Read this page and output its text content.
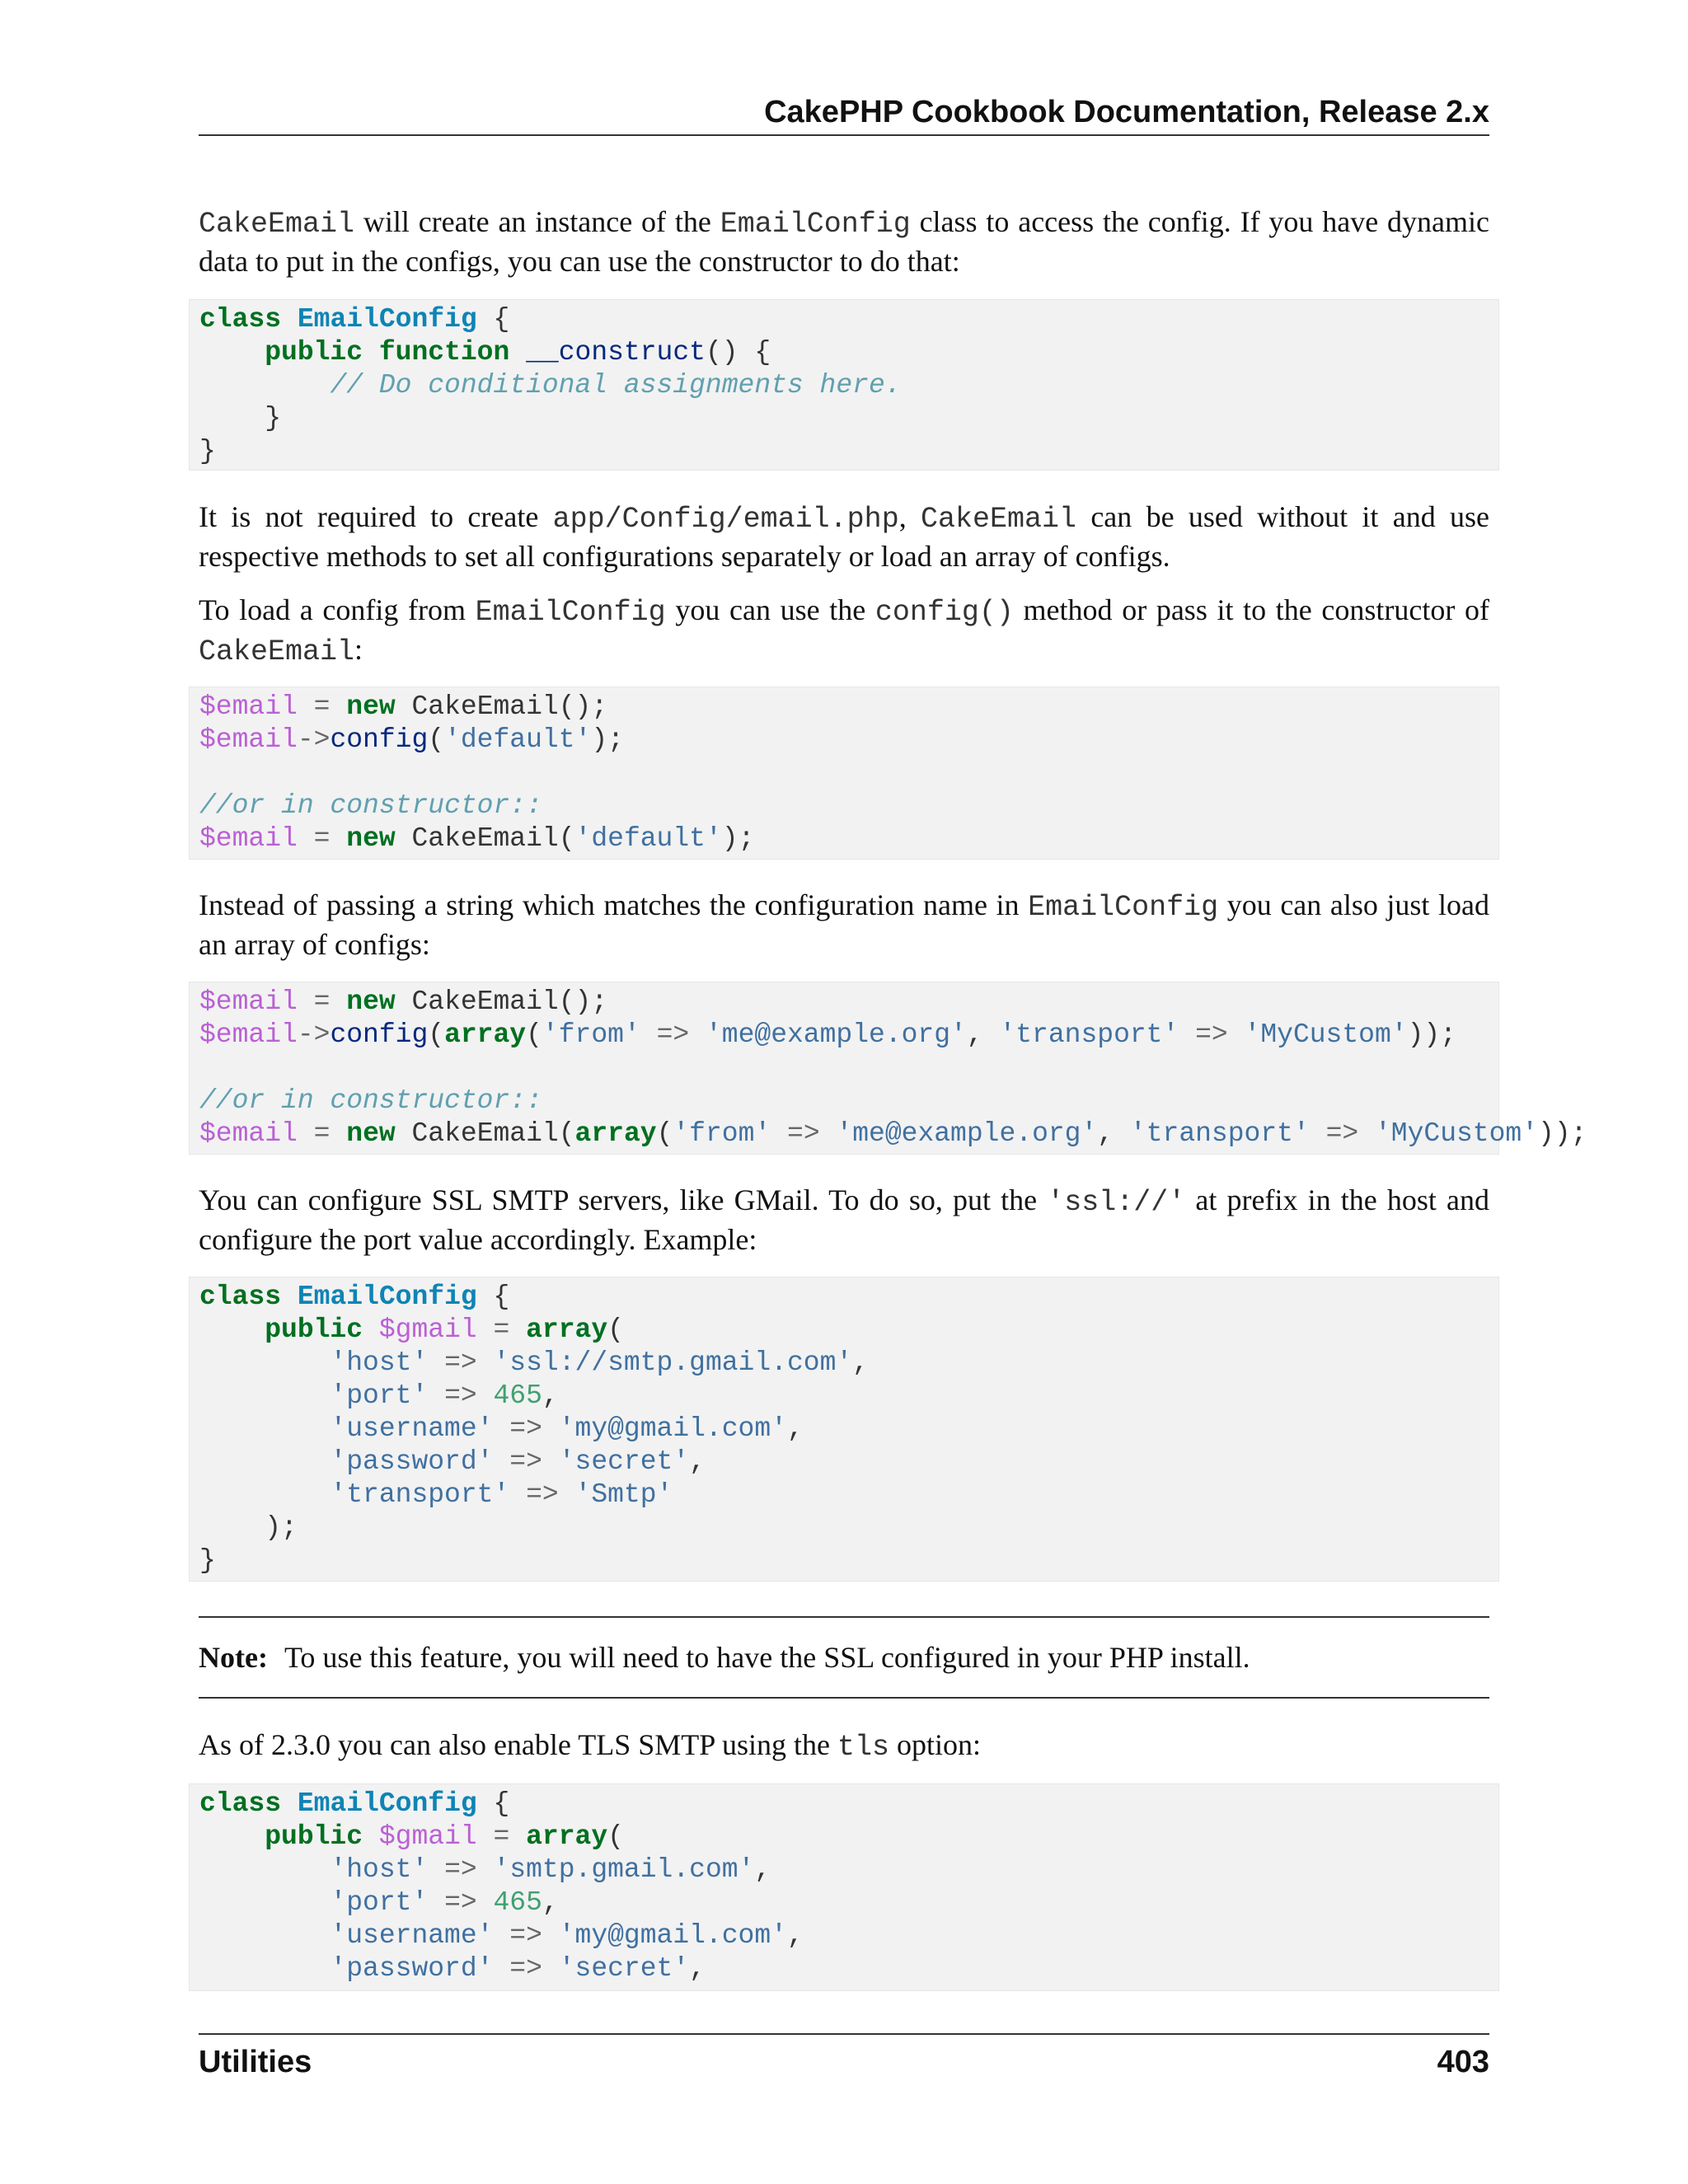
CakePHP Cookbook Documentation, Release 2.x
CakeEmail will create an instance of the EmailConfig class to access the config. If you have dynamic data to put in the configs, you can use the constructor to do that:
class EmailConfig {
public function __construct() {
// Do conditional assignments here.
}
}
It is not required to create app/Config/email.php, CakeEmail can be used without it and use respective methods to set all configurations separately or load an array of configs.
To load a config from EmailConfig you can use the config() method or pass it to the constructor of CakeEmail:
$email = new CakeEmail();
$email->config('default');

//or in constructor::
$email = new CakeEmail('default');
Instead of passing a string which matches the configuration name in EmailConfig you can also just load an array of configs:
$email = new CakeEmail();
$email->config(array('from' => 'me@example.org', 'transport' => 'MyCustom'));

//or in constructor::
$email = new CakeEmail(array('from' => 'me@example.org', 'transport' => 'MyCustom'));
You can configure SSL SMTP servers, like GMail. To do so, put the 'ssl://' at prefix in the host and configure the port value accordingly. Example:
class EmailConfig {
public $gmail = array(
'host' => 'ssl://smtp.gmail.com',
'port' => 465,
'username' => 'my@gmail.com',
'password' => 'secret',
'transport' => 'Smtp'
);
}
Note: To use this feature, you will need to have the SSL configured in your PHP install.
As of 2.3.0 you can also enable TLS SMTP using the tls option:
class EmailConfig {
public $gmail = array(
'host' => 'smtp.gmail.com',
'port' => 465,
'username' => 'my@gmail.com',
'password' => 'secret',
Utilities	403
